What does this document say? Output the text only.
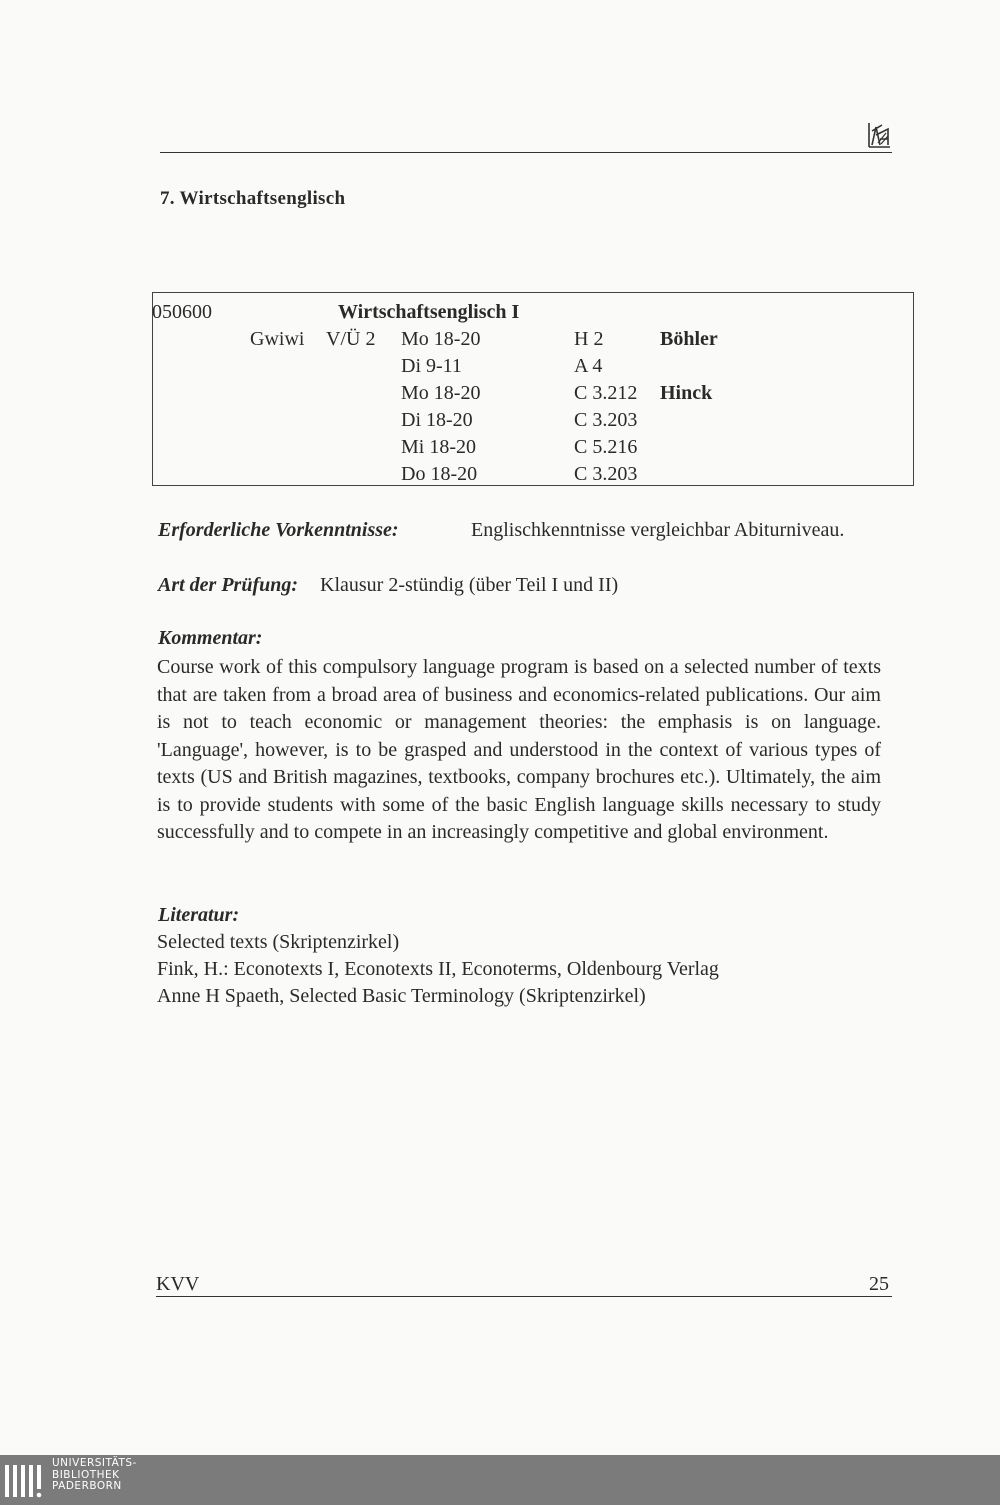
7. Wirtschaftsenglisch
050600	Wirtschaftsenglisch I
Gwiwi V/Ü 2 Mo 18-20	H 2	Böhler
Di 9-11	A 4
Mo 18-20	C 3.212 Hinck
Di 18-20	C 3.203
Mi 18-20	C 5.216
Do 18-20	C 3.203
Erforderliche Vorkenntnisse:	Englischkenntnisse vergleichbar Abiturniveau.
Art der Prüfung: Klausur 2-stündig (über Teil I und II)
Kommentar:

Course work of this compulsory language program is based on a selected number of texts that are taken from a broad area of business and economics-related publications. Our aim is not to teach economic or management theories: the emphasis is on language. 'Language', however, is to be grasped and understood in the context of various types of texts (US and British magazines, textbooks, company brochures etc.). Ultimately, the aim is to provide students with some of the basic English language skills necessary to study successfully and to compete in an increasingly competitive and global environment.

Literatur:
Selected texts (Skriptenzirkel)
Fink, H.: Econotexts I, Econotexts II, Econoterms, Oldenbourg Verlag
Anne H Spaeth, Selected Basic Terminology (Skriptenzirkel)
KVV	25
UNIVERSITÄTS-
BIBLIOTHEK
PADERBORN
